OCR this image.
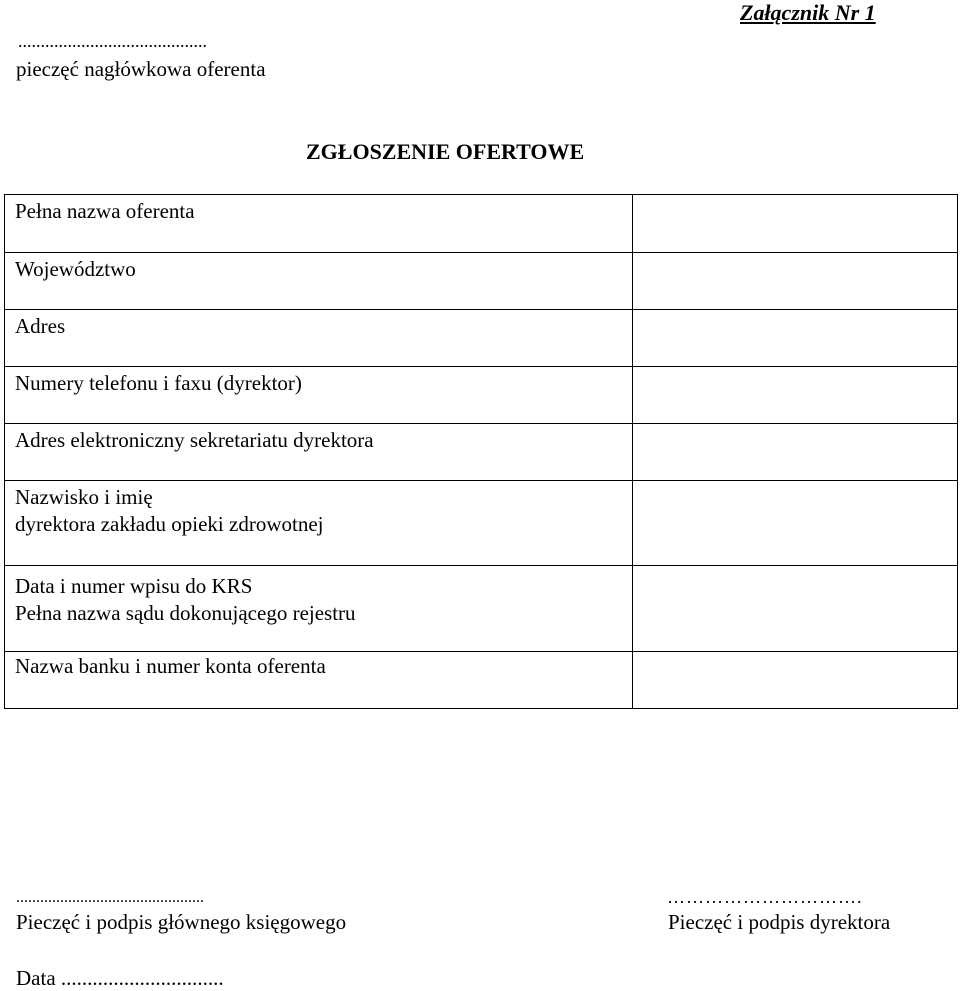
Załącznik Nr 1
..........................................
pieczęć nagłówkowa oferenta
ZGŁOSZENIE OFERTOWE
Pełna nazwa oferenta	

Województwo	

Adres	

Numery telefonu i faxu (dyrektor)	

Adres elektroniczny sekretariatu dyrektora	

Nazwisko i imię
dyrektora zakładu opieki zdrowotnej	

Data i numer wpisu do KRS
Pełna nazwa sądu dokonującego rejestru	

Nazwa banku i numer konta oferenta	

...............................................
Pieczęć i podpis głównego księgowego
………………………….
Pieczęć i podpis dyrektora
Data ...............................
